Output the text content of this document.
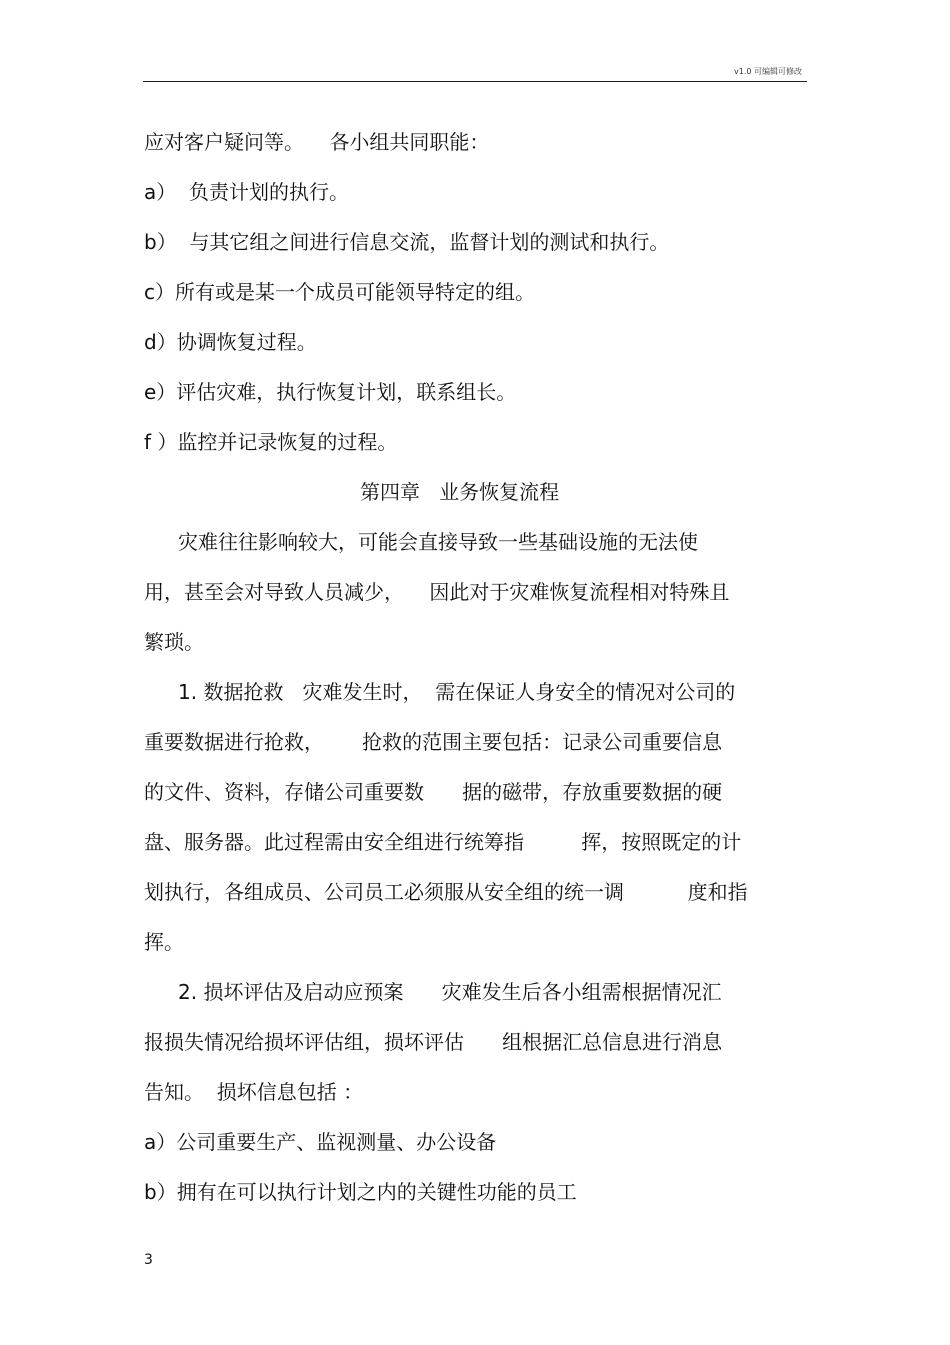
v1.0 可编辑可修改
应对客户疑问等。    各小组共同职能：
a）  负责计划的执行。
b）  与其它组之间进行信息交流，监督计划的测试和执行。
c）所有或是某一个成员可能领导特定的组。
d）协调恢复过程。
e）评估灾难，执行恢复计划，联系组长。
f ）监控并记录恢复的过程。
第四章   业务恢复流程
灾难往往影响较大，可能会直接导致一些基础设施的无法使
用，甚至会对导致人员减少，    因此对于灾难恢复流程相对特殊且
繁琐。
1. 数据抢救   灾难发生时，  需在保证人身安全的情况对公司的
重要数据进行抢救，      抢救的范围主要包括：记录公司重要信息
的文件、资料，存储公司重要数      据的磁带，存放重要数据的硬
盘、服务器。此过程需由安全组进行统筹指         挥，按照既定的计
划执行，各组成员、公司员工必须服从安全组的统一调          度和指
挥。
2. 损坏评估及启动应预案      灾难发生后各小组需根据情况汇
报损失情况给损坏评估组，损坏评估      组根据汇总信息进行消息
告知。  损坏信息包括 ：
a）公司重要生产、监视测量、办公设备
b）拥有在可以执行计划之内的关键性功能的员工
3
